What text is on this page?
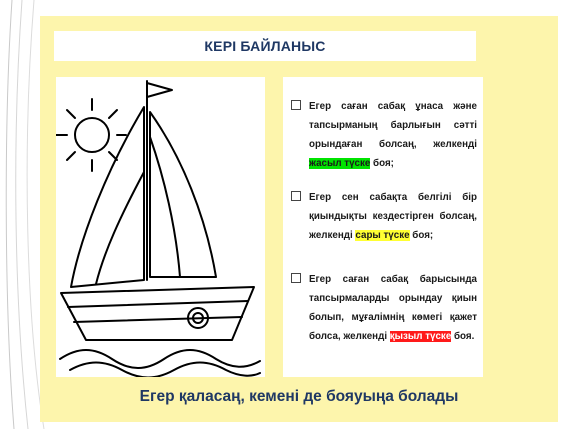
КЕРІ БАЙЛАНЫС
Егер саған сабақ ұнаса және тапсырманың барлығын сәтті орындаған болсаң, желкенді жасыл түске боя;
Егер сен сабақта белгілі бір қиындықты кездестірген болсаң, желкенді сары түске боя;
Егер саған сабақ барысында тапсырмаларды орындау қиын болып, мұғалімнің көмегі қажет болса, желкенді қызыл түске боя.
Егер қаласаң, кемені де бояуыңа болады
